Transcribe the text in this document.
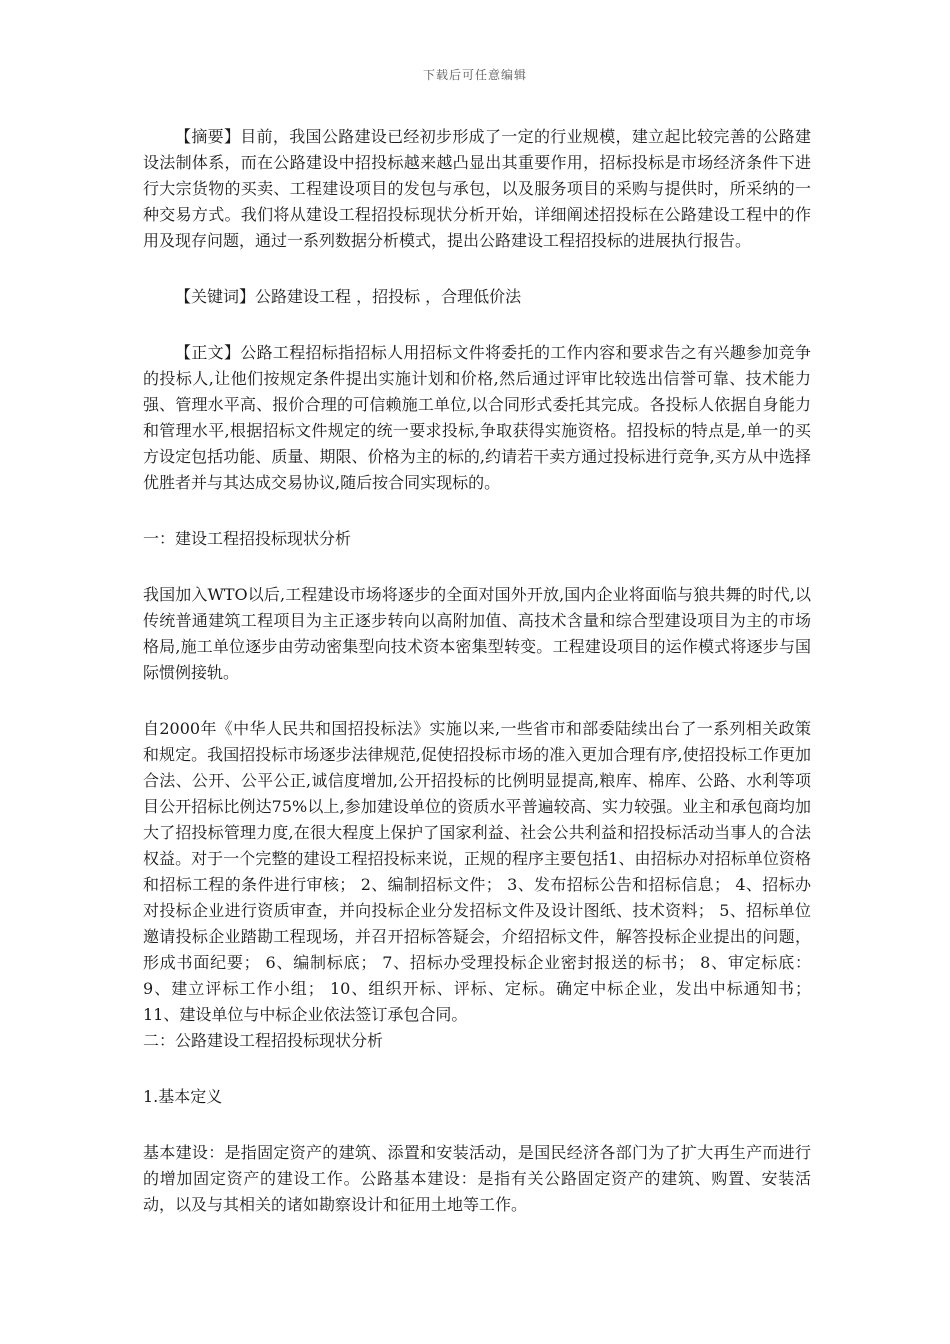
下载后可任意编辑

【摘要】目前，我国公路建设已经初步形成了一定的行业规模，建立起比较完善的公路建设法制体系，而在公路建设中招投标越来越凸显出其重要作用，招标投标是市场经济条件下进行大宗货物的买卖、工程建设项目的发包与承包，以及服务项目的采购与提供时，所采纳的一种交易方式。我们将从建设工程招投标现状分析开始，详细阐述招投标在公路建设工程中的作用及现存问题，通过一系列数据分析模式，提出公路建设工程招投标的进展执行报告。

【关键词】公路建设工程 ，招投标 ，合理低价法

【正文】公路工程招标指招标人用招标文件将委托的工作内容和要求告之有兴趣参加竞争的投标人,让他们按规定条件提出实施计划和价格,然后通过评审比较选出信誉可靠、技术能力强、管理水平高、报价合理的可信赖施工单位,以合同形式委托其完成。各投标人依据自身能力和管理水平,根据招标文件规定的统一要求投标,争取获得实施资格。招投标的特点是,单一的买方设定包括功能、质量、期限、价格为主的标的,约请若干卖方通过投标进行竞争,买方从中选择优胜者并与其达成交易协议,随后按合同实现标的。

一：建设工程招投标现状分析

我国加入WTO以后,工程建设市场将逐步的全面对国外开放,国内企业将面临与狼共舞的时代,以传统普通建筑工程项目为主正逐步转向以高附加值、高技术含量和综合型建设项目为主的市场格局,施工单位逐步由劳动密集型向技术资本密集型转变。工程建设项目的运作模式将逐步与国际惯例接轨。

自2000年《中华人民共和国招投标法》实施以来,一些省市和部委陆续出台了一系列相关政策和规定。我国招投标市场逐步法律规范,促使招投标市场的准入更加合理有序,使招投标工作更加合法、公开、公平公正,诚信度增加,公开招投标的比例明显提高,粮库、棉库、公路、水利等项目公开招标比例达75%以上,参加建设单位的资质水平普遍较高、实力较强。业主和承包商均加大了招投标管理力度,在很大程度上保护了国家利益、社会公共利益和招投标活动当事人的合法权益。对于一个完整的建设工程招投标来说，正规的程序主要包括1、由招标办对招标单位资格和招标工程的条件进行审核； 2、编制招标文件； 3、发布招标公告和招标信息； 4、招标办对投标企业进行资质审查，并向投标企业分发招标文件及设计图纸、技术资料； 5、招标单位邀请投标企业踏勘工程现场，并召开招标答疑会，介绍招标文件，解答投标企业提出的问题，形成书面纪要； 6、编制标底； 7、招标办受理投标企业密封报送的标书； 8、审定标底： 9、建立评标工作小组； 10、组织开标、评标、定标。确定中标企业，发出中标通知书； 11、建设单位与中标企业依法签订承包合同。

二：公路建设工程招投标现状分析

1.基本定义

基本建设：是指固定资产的建筑、添置和安装活动，是国民经济各部门为了扩大再生产而进行的增加固定资产的建设工作。公路基本建设：是指有关公路固定资产的建筑、购置、安装活动，以及与其相关的诸如勘察设计和征用土地等工作。
